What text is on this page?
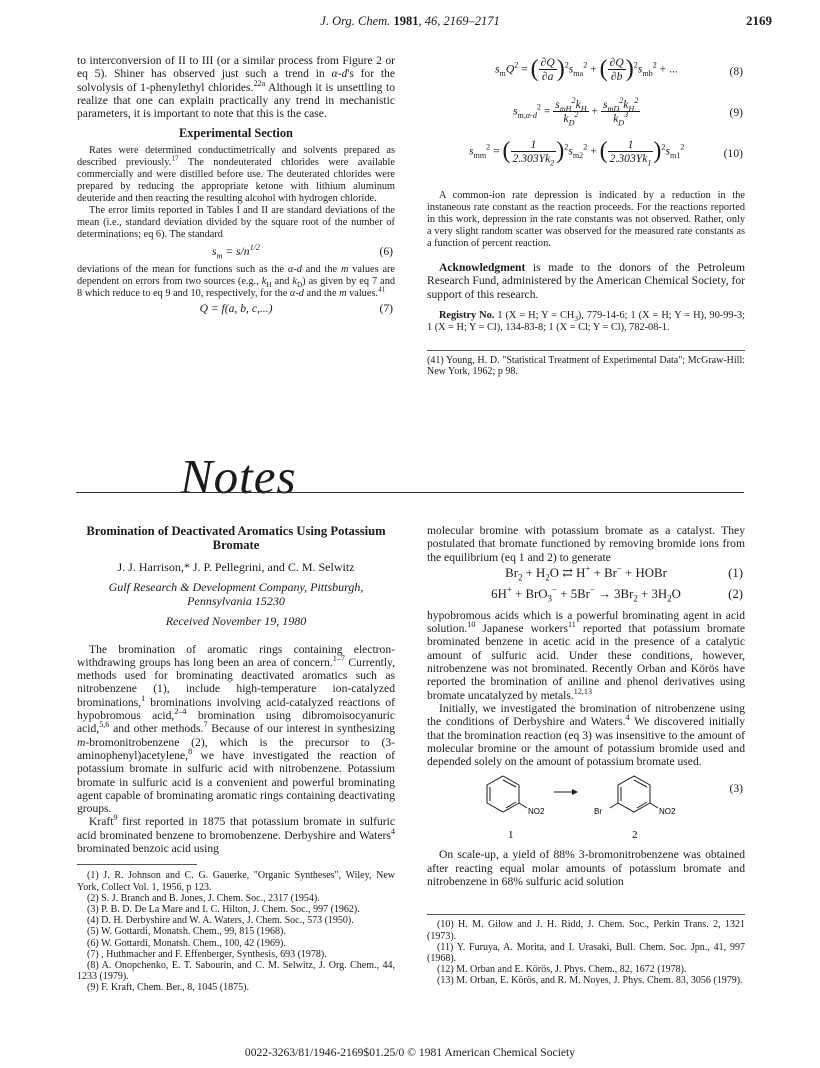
J. Org. Chem. 1981, 46, 2169–2171	2169

to interconversion of II to III (or a similar process from Figure 2 or eq 5). Shiner has observed just such a trend in α-d's for the solvolysis of 1-phenylethyl chlorides.$^{22a}$ Although it is unsettling to realize that one can explain practically any trend in mechanistic parameters, it is important to note that this is the case.

Experimental Section

Rates were determined conductimetrically and solvents prepared as described previously.$^{17}$ The nondeuterated chlorides were available commercially and were distilled before use. The deuterated chlorides were prepared by reducing the appropriate ketone with lithium aluminum deuteride and then reacting the resulting alcohol with hydrogen chloride.

The error limits reported in Tables I and II are standard deviations of the mean (i.e., standard deviation divided by the square root of the number of determinations; eq 6). The standard

$s_m = s/n^{1/2}$	(6)

deviations of the mean for functions such as the α-d and the m values are dependent on errors from two sources (e.g., $k_H$ and $k_D$) as given by eq 7 and 8 which reduce to eq 9 and 10, respectively, for the α-d and the m values.$^{41}$

Q = f(a, b, c,...)	(7)
$s_mQ^2$ = ( $\frac{\partial Q}{\partial a} )^2s_{ma}^2$ + ( $\frac{\partial Q}{\partial b} )^2s_{mb}^2$ + ...	(8)
$s_{m,\alpha-d}^2 = \frac{s_{mH}^2k_H}{k_D^2} + \frac{s_{mD}^2k_H^2}{k_D^3}$	(9)
$s_{mm}^2$ = ( $\frac{1}{2.303Yk_2} )^2s_{m2}^2$ + ( $\frac{1}{2.303Yk_1} )^2s_{m1}^2$	(10)

A common-ion rate depression is indicated by a reduction in the instaneous rate constant as the reaction proceeds. For the reactions reported in this work, depression in the rate constants was not observed. Rather, only a very slight random scatter was observed for the measured rate constants as a function of percent reaction.

Acknowledgment is made to the donors of the Petroleum Research Fund, administered by the American Chemical Society, for support of this research.

Registry No. 1 (X = H; $Y = CH_3$), 779-14-6; 1 (X = H; Y = H), 90-99-3; 1 (X = H; Y = Cl), 134-83-8; 1 (X = Cl; Y = Cl), 782-08-1.

(41) Young, H. D. "Statistical Treatment of Experimental Data"; McGraw-Hill: New York, 1962; p 98.

Notes
Bromination of Deactivated Aromatics Using Potassium Bromate
J. J. Harrison,* J. P. Pellegrini, and C. M. Selwitz
Gulf Research & Development Company, Pittsburgh, Pennsylvania 15230
Received November 19, 1980

The bromination of aromatic rings containing electron-withdrawing groups has long been an area of concern.$^{1-7}$ Currently, methods used for brominating deactivated aromatics such as nitrobenzene (1), include high-temperature ion-catalyzed brominations,$^1$ brominations involving acid-catalyzed reactions of hypobromous acid,$^{2-4}$ bromination using dibromoisocyanuric acid,$^{5,6}$ and other methods.$^7$ Because of our interest in synthesizing m-bromonitrobenzene (2), which is the precursor to (3-aminophenyl)acetylene,$^8$ we have investigated the reaction of potassium bromate in sulfuric acid with nitrobenzene. Potassium bromate in sulfuric acid is a convenient and powerful brominating agent capable of brominating aromatic rings containing deactivating groups.

Kraft$^9$ first reported in 1875 that potassium bromate in sulfuric acid brominated benzene to bromobenzene. Derbyshire and Waters$^4$ brominated benzoic acid using

(1) J. R. Johnson and C. G. Gauerke, "Organic Syntheses", Wiley, New York, Collect Vol. 1, 1956, p 123.

(2) S. J. Branch and B. Jones, J. Chem. Soc., 2317 (1954).

(3) P. B. D. De La Mare and I. C. Hilton, J. Chem. Soc., 997 (1962).

(4) D. H. Derbyshire and W. A. Waters, J. Chem. Soc., 573 (1950).

(5) W. Gottardi, Monatsh. Chem., 99, 815 (1968).

(6) W. Gottardi, Monatsh. Chem., 100, 42 (1969).

(7) , Huthmacher and F. Effenberger, Synthesis, 693 (1978).

(8) A. Onopchenko, E. T. Sabourin, and C. M. Selwitz, J. Org. Chem., 44, 1233 (1979).

(9) F. Kraft, Chem. Ber., 8, 1045 (1875).

molecular bromine with potassium bromate as a catalyst. They postulated that bromate functioned by removing bromide ions from the equilibrium (eq 1 and 2) to generate

$Br_2 + H_2O$ ⇄ H+ + Br− + HOBr	(1)
$6H^+ + BrO_3^- + 5Br^- \to 3Br_2 + 3H_2O$	(2)

hypobromous acids which is a powerful brominating agent in acid solution.$^{10}$ Japanese workers$^{11}$ reported that potassium bromate brominated benzene in acetic acid in the presence of a catalytic amount of sulfuric acid. Under these conditions, however, nitrobenzene was not brominated. Recently Orban and Körös have reported the bromination of aniline and phenol derivatives using bromate uncatalyzed by metals.$^{12,13}$

Initially, we investigated the bromination of nitrobenzene using the conditions of Derbyshire and Waters.$^4$ We discovered initially that the bromination reaction (eq 3) was insensitive to the amount of molecular bromine or the amount of potassium bromide used and depended solely on the amount of potassium bromate used.

NO2	Br	NO2
1	2
(3)

On scale-up, a yield of 88% 3-bromonitrobenzene was obtained after reacting equal molar amounts of potassium bromate and nitrobenzene in 68% sulfuric acid solution

(10) H. M. Gilow and J. H. Ridd, J. Chem. Soc., Perkin Trans. 2, 1321 (1973).

(11) Y. Furuya, A. Morita, and I. Urasaki, Bull. Chem. Soc. Jpn., 41, 997 (1968).

(12) M. Orban and E. Körös, J. Phys. Chem., 82, 1672 (1978).

(13) M. Orban, E. Körös, and R. M. Noyes, J. Phys. Chem. 83, 3056 (1979).

0022-3263/81/1946-2169$01.25/0 © 1981 American Chemical Society
